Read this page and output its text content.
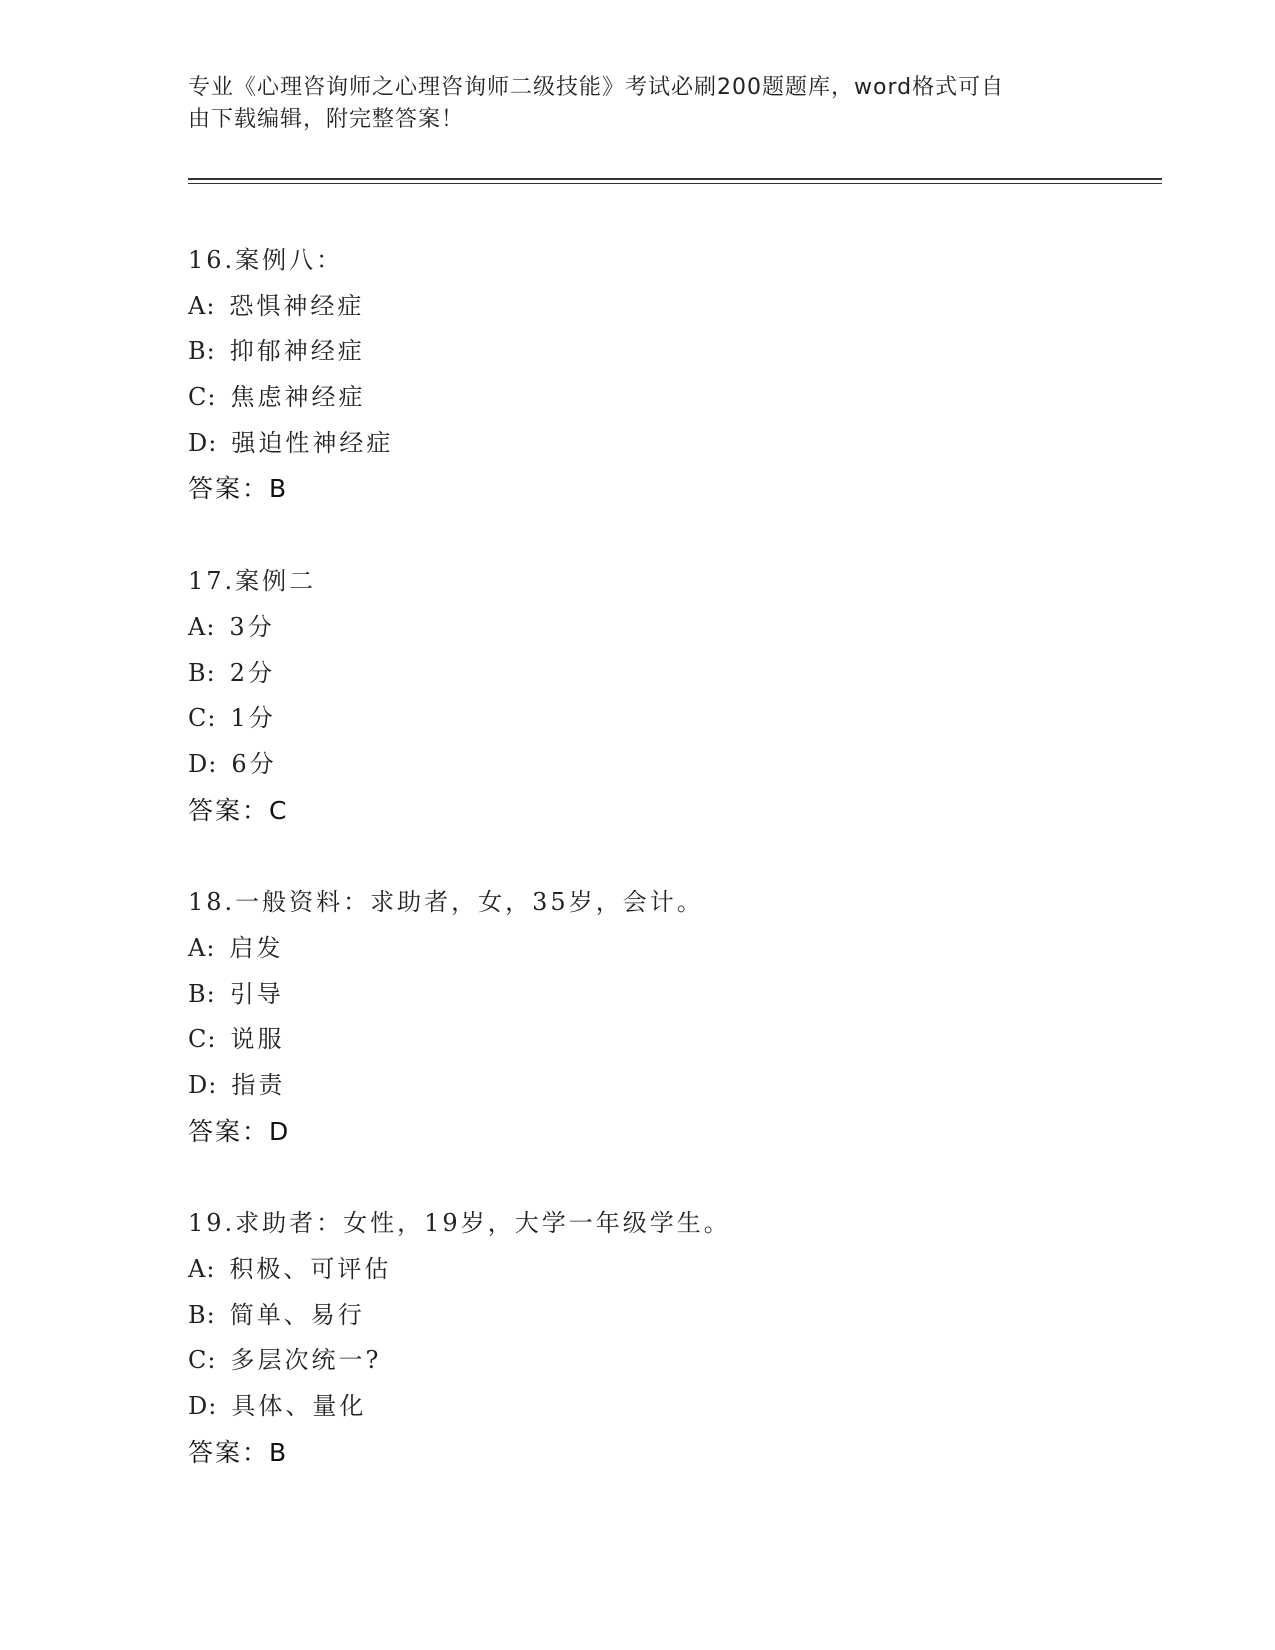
专业《心理咨询师之心理咨询师二级技能》考试必刷200题题库，word格式可自
由下载编辑，附完整答案！
16.案例八：
A: 恐惧神经症
B: 抑郁神经症
C: 焦虑神经症
D: 强迫性神经症
答案：B
17.案例二
A: 3分
B: 2分
C: 1分
D: 6分
答案：C
18.一般资料：求助者，女，35岁，会计。
A: 启发
B: 引导
C: 说服
D: 指责
答案：D
19.求助者：女性，19岁，大学一年级学生。
A: 积极、可评估
B: 简单、易行
C: 多层次统一?
D: 具体、量化
答案：B
